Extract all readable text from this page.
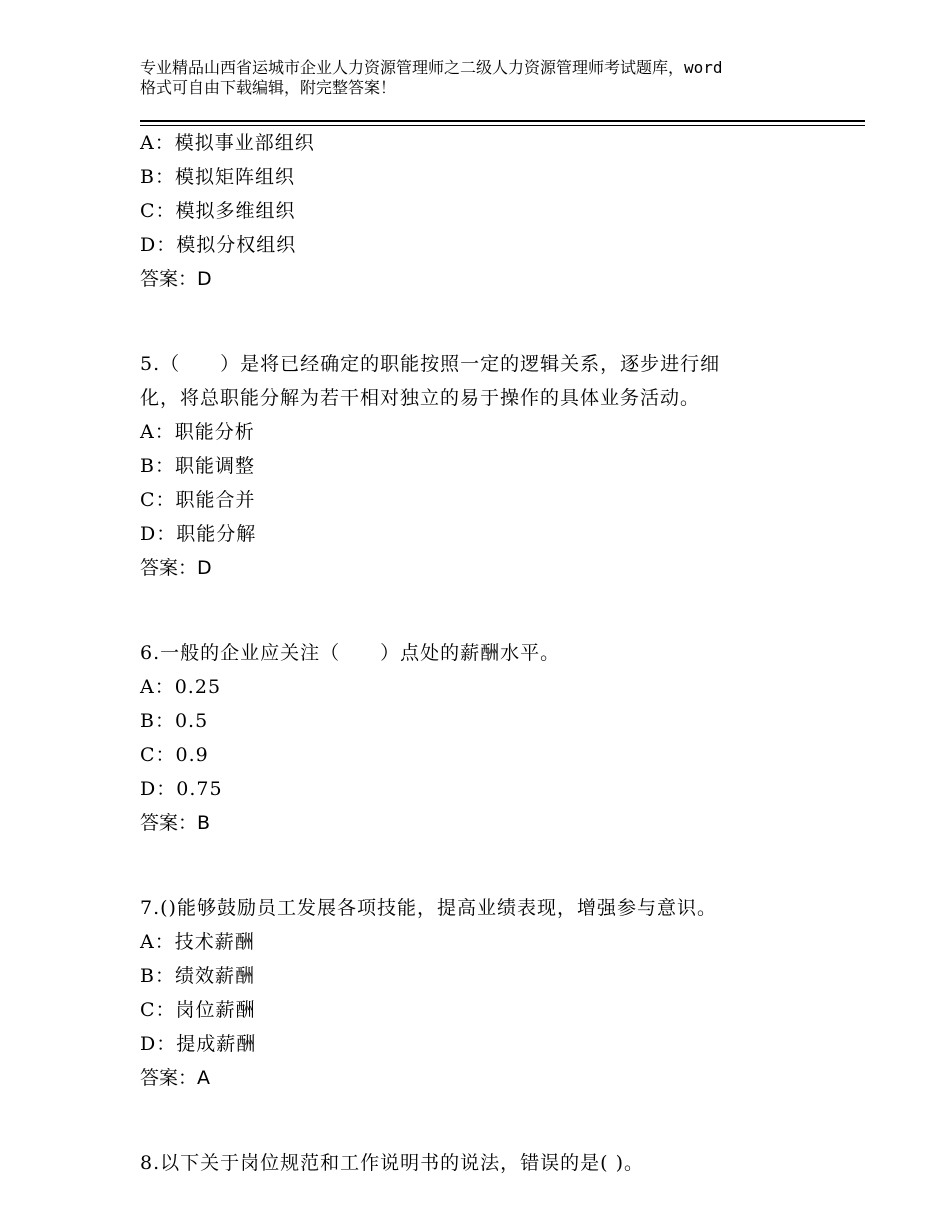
专业精品山西省运城市企业人力资源管理师之二级人力资源管理师考试题库，word
格式可自由下载编辑，附完整答案！
A：模拟事业部组织
B：模拟矩阵组织
C：模拟多维组织
D：模拟分权组织
答案：D
5.（　　）是将已经确定的职能按照一定的逻辑关系，逐步进行细
化，将总职能分解为若干相对独立的易于操作的具体业务活动。
A：职能分析
B：职能调整
C：职能合并
D：职能分解
答案：D
6.一般的企业应关注（　　）点处的薪酬水平。
A：0.25
B：0.5
C：0.9
D：0.75
答案：B
7.()能够鼓励员工发展各项技能，提高业绩表现，增强参与意识。
A：技术薪酬
B：绩效薪酬
C：岗位薪酬
D：提成薪酬
答案：A
8.以下关于岗位规范和工作说明书的说法，错误的是( )。
